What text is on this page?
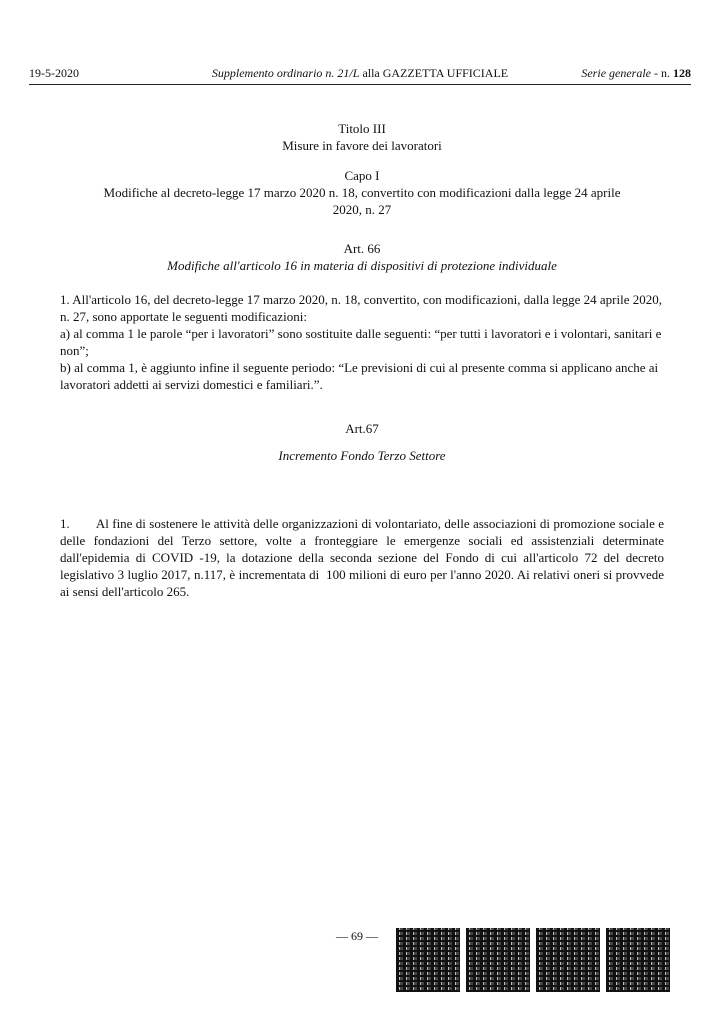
19-5-2020	Supplemento ordinario n. 21/L alla GAZZETTA UFFICIALE	Serie generale - n. 128
Titolo III
Misure in favore dei lavoratori
Capo I
Modifiche al decreto-legge 17 marzo 2020 n. 18, convertito con modificazioni dalla legge 24 aprile
2020, n. 27
Art. 66
Modifiche all'articolo 16 in materia di dispositivi di protezione individuale
1. All'articolo 16, del decreto-legge 17 marzo 2020, n. 18, convertito, con modificazioni, dalla legge 24 aprile 2020, n. 27, sono apportate le seguenti modificazioni:
a) al comma 1 le parole “per i lavoratori” sono sostituite dalle seguenti: “per tutti i lavoratori e i volontari, sanitari e non”;
b) al comma 1, è aggiunto infine il seguente periodo: “Le previsioni di cui al presente comma si applicano anche ai lavoratori addetti ai servizi domestici e familiari.”.
Art.67
Incremento Fondo Terzo Settore
1.        Al fine di sostenere le attività delle organizzazioni di volontariato, delle associazioni di promozione sociale e delle fondazioni del Terzo settore, volte a fronteggiare le emergenze sociali ed assistenziali determinate dall'epidemia di COVID -19, la dotazione della seconda sezione del Fondo di cui all'articolo 72 del decreto legislativo 3 luglio 2017, n.117, è incrementata di  100 milioni di euro per l'anno 2020. Ai relativi oneri si provvede ai sensi dell'articolo 265.
— 69 —
